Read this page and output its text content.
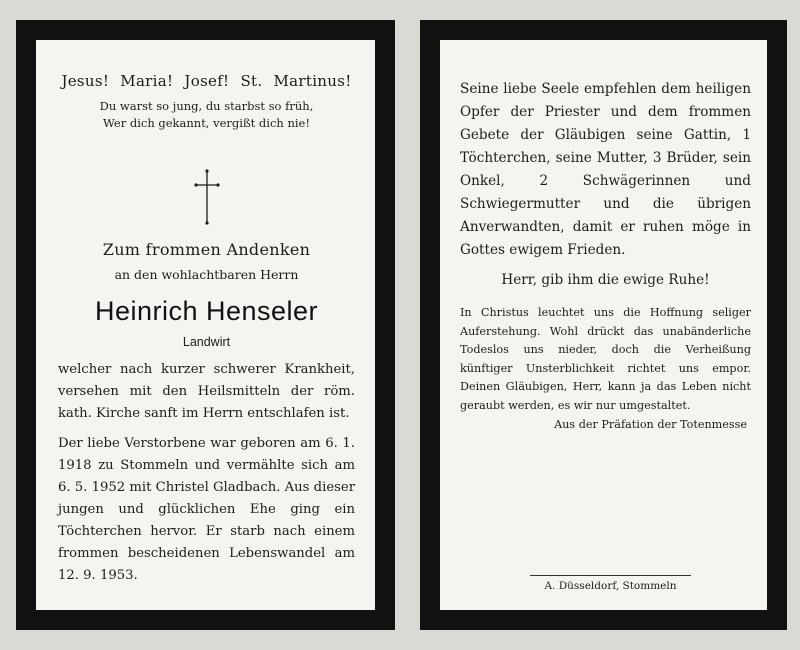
Jesus! Maria! Josef! St. Martinus!

Du warst so jung, du starbst so früh,
Wer dich gekannt, vergißt dich nie!
Zum frommen Andenken
an den wohlachtbaren Herrn
Heinrich Henseler
Landwirt

welcher nach kurzer schwerer Krankheit, versehen mit den Heilsmitteln der röm. kath. Kirche sanft im Herrn entschlafen ist.

Der liebe Verstorbene war geboren am 6. 1. 1918 zu Stommeln und vermählte sich am 6. 5. 1952 mit Christel Gladbach. Aus dieser jungen und glücklichen Ehe ging ein Töchterchen hervor. Er starb nach einem frommen bescheidenen Lebenswandel am 12. 9. 1953.

Seine liebe Seele empfehlen dem heiligen Opfer der Priester und dem frommen Gebete der Gläubigen seine Gattin, 1 Töchterchen, seine Mutter, 3 Brüder, sein Onkel, 2 Schwägerinnen und Schwiegermutter und die übrigen Anverwandten, damit er ruhen möge in Gottes ewigem Frieden.

Herr, gib ihm die ewige Ruhe!
In Christus leuchtet uns die Hoffnung seliger Auferstehung. Wohl drückt das unabänderliche Todeslos uns nieder, doch die Verheißung künftiger Unsterblichkeit richtet uns empor. Deinen Gläubigen, Herr, kann ja das Leben nicht geraubt werden, es wir nur umgestaltet.
Aus der Präfation der Totenmesse
A. Düsseldorf, Stommeln
